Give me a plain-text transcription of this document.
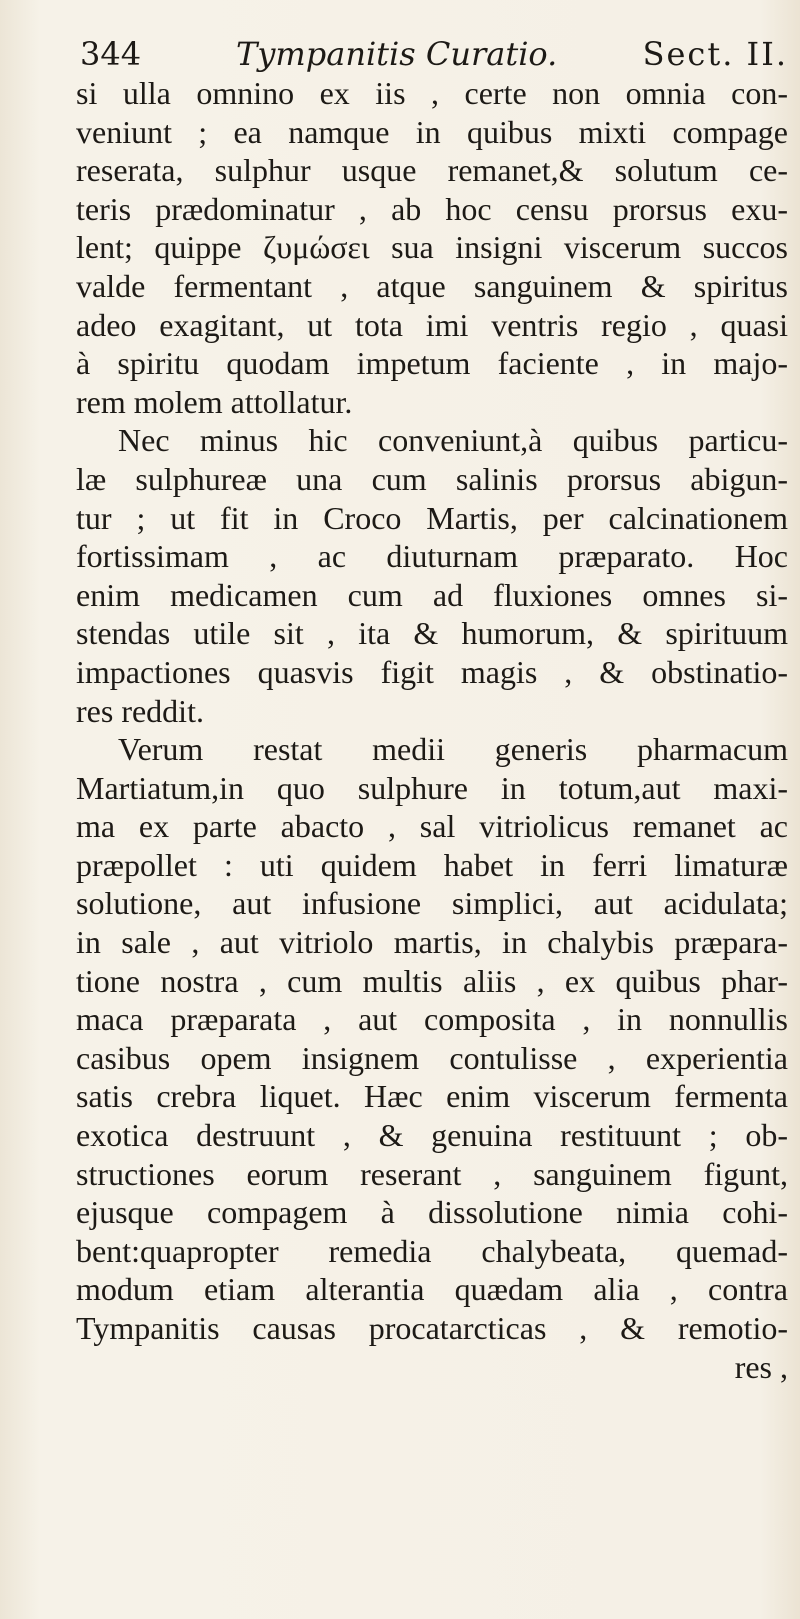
344	Tympanitis Curatio.	Sect. II.
si ulla omnino ex iis , certe non omnia con-
veniunt ; ea namque in quibus mixti compage
reserata, sulphur usque remanet,& solutum ce-
teris prædominatur , ab hoc censu prorsus exu-
lent; quippe ζυμώσει sua insigni viscerum succos
valde fermentant , atque sanguinem & spiritus
adeo exagitant, ut tota imi ventris regio , quasi
à spiritu quodam impetum faciente , in majo-
rem molem attollatur.
Nec minus hic conveniunt,à quibus particu-
læ sulphureæ una cum salinis prorsus abigun-
tur ; ut fit in Croco Martis, per calcinationem
fortissimam , ac diuturnam præparato. Hoc
enim medicamen cum ad fluxiones omnes si-
stendas utile sit , ita & humorum, & spirituum
impactiones quasvis figit magis , & obstinatio-
res reddit.
Verum restat medii generis pharmacum
Martiatum,in quo sulphure in totum,aut maxi-
ma ex parte abacto , sal vitriolicus remanet ac
præpollet : uti quidem habet in ferri limaturæ
solutione, aut infusione simplici, aut acidulata;
in sale , aut vitriolo martis, in chalybis præpara-
tione nostra , cum multis aliis , ex quibus phar-
maca præparata , aut composita , in nonnullis
casibus opem insignem contulisse , experientia
satis crebra liquet. Hæc enim viscerum fermenta
exotica destruunt , & genuina restituunt ; ob-
structiones eorum reserant , sanguinem figunt,
ejusque compagem à dissolutione nimia cohi-
bent:quapropter remedia chalybeata, quemad-
modum etiam alterantia quædam alia , contra
Tympanitis causas procatarcticas , & remotio-
res ,
